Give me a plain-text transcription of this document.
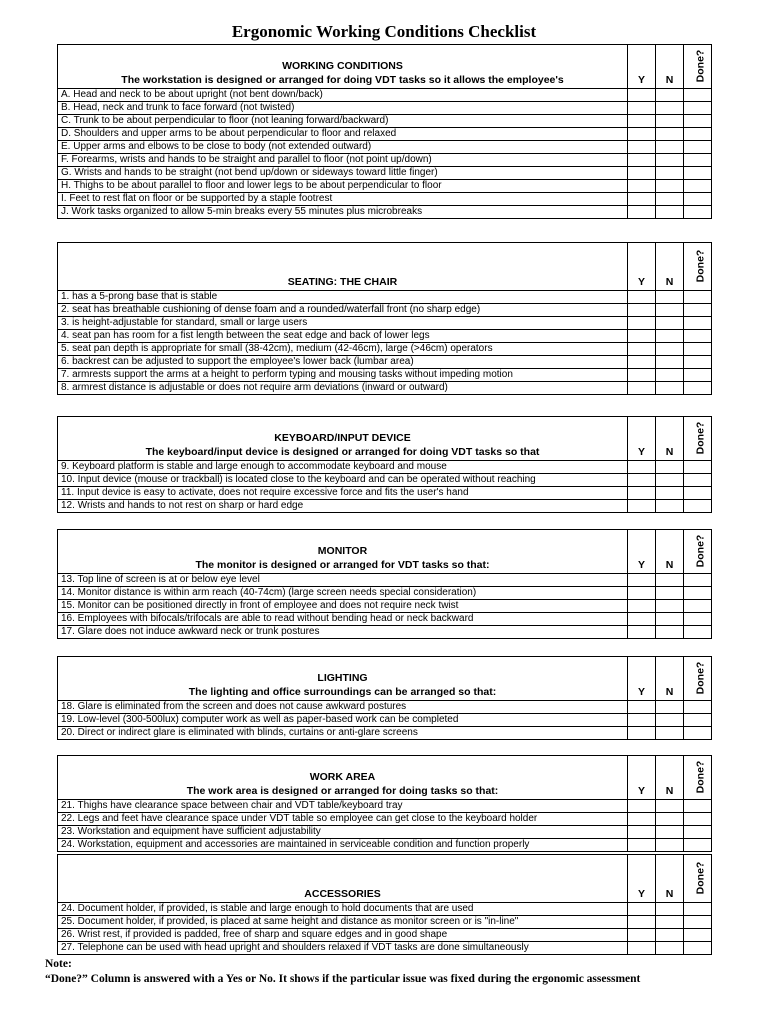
Ergonomic Working Conditions Checklist
WORKING CONDITIONS
The workstation is designed or arranged for doing VDT tasks so it allows the employee's	Y	N	Done?
A. Head and neck to be about upright (not bent down/back)			
B. Head, neck and trunk to face forward (not twisted)			
C. Trunk to be about perpendicular to floor (not leaning forward/backward)			
D. Shoulders and upper arms to be about perpendicular to floor and relaxed			
E. Upper arms and elbows to be close to body (not extended outward)			
F. Forearms, wrists and hands to be straight and parallel to floor (not point up/down)			
G. Wrists and hands to be straight (not bend up/down or sideways toward little finger)			
H. Thighs to be about parallel to floor and lower legs to be about perpendicular to floor			
I. Feet to rest flat on floor or be supported by a staple footrest			
J. Work tasks organized to allow 5-min breaks every 55 minutes plus microbreaks			
SEATING: THE CHAIR	Y	N	Done?
1. has a 5-prong base that is stable			
2. seat has breathable cushioning of dense foam and a rounded/waterfall front (no sharp edge)			
3. is height-adjustable for standard, small or large users			
4. seat pan has room for a fist length between the seat edge and back of lower legs			
5. seat pan depth is appropriate for small (38-42cm), medium (42-46cm), large (>46cm) operators			
6. backrest can be adjusted to support the employee's lower back (lumbar area)			
7. armrests support the arms at a height to perform typing and mousing tasks without impeding motion			
8. armrest distance is adjustable or does not require arm deviations (inward or outward)			
KEYBOARD/INPUT DEVICE
The keyboard/input device is designed or arranged for doing VDT tasks so that	Y	N	Done?
9. Keyboard platform is stable and large enough to accommodate keyboard and mouse			
10. Input device (mouse or trackball) is located close to the keyboard and can be operated without reaching			
11. Input device is easy to activate, does not require excessive force and fits the user's hand			
12. Wrists and hands to not rest on sharp or hard edge			
MONITOR
The monitor is designed or arranged for VDT tasks so that:	Y	N	Done?
13. Top line of screen is at or below eye level			
14. Monitor distance is within arm reach (40-74cm) (large screen needs special consideration)			
15. Monitor can be positioned directly in front of employee and does not require neck twist			
16. Employees with bifocals/trifocals are able to read without bending head or neck backward			
17. Glare does not induce awkward neck or trunk postures			
LIGHTING
The lighting and office surroundings can be arranged so that:	Y	N	Done?
18. Glare is eliminated from the screen and does not cause awkward postures			
19. Low-level (300-500lux) computer work as well as paper-based work can be completed			
20. Direct or indirect glare is eliminated with blinds, curtains or anti-glare screens			
WORK AREA
The work area is designed or arranged for doing tasks so that:	Y	N	Done?
21. Thighs have clearance space between chair and VDT table/keyboard tray			
22. Legs and feet have clearance space under VDT table so employee can get close to the keyboard holder			
23. Workstation and equipment have sufficient adjustability			
24. Workstation, equipment and accessories are maintained in serviceable condition and function properly			
ACCESSORIES	Y	N	Done?
24. Document holder, if provided, is stable and large enough to hold documents that are used			
25. Document holder, if provided, is placed at same height and distance as monitor screen or is "in-line"			
26. Wrist rest, if provided is padded, free of sharp and square edges and in good shape			
27. Telephone can be used with head upright and shoulders relaxed if VDT tasks are done simultaneously			
Note:
“Done?” Column is answered with a Yes or No. It shows if the particular issue was fixed during the ergonomic assessment
